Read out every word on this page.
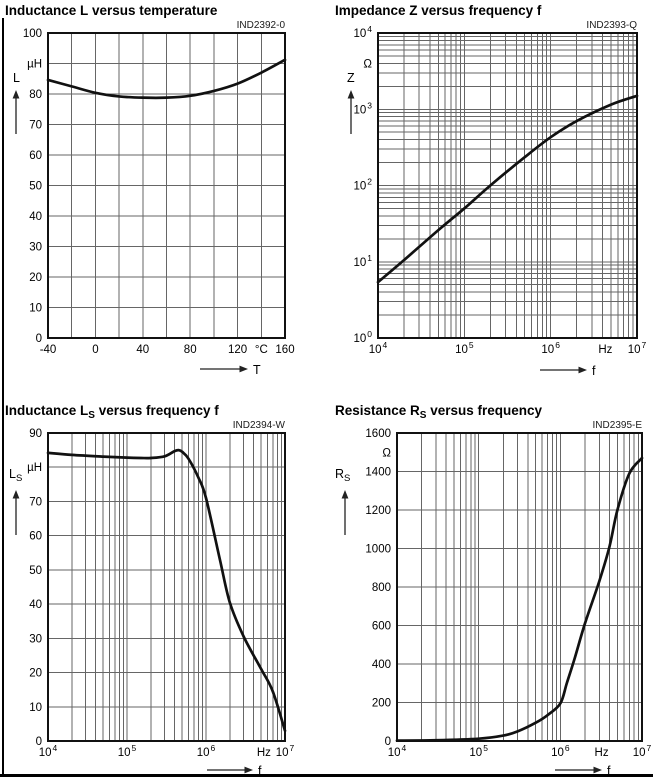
Inductance L versus temperature
IND2392-0
-40	0	40	80	120 °C 160
100
µH
80
70
60
50
40
30
20
10
0
L
T
Impedance Z versus frequency f
IND2393-Q
$10^4$	$10^5$	$10^6$	Hz $10^7$
$10^4$
Ω
$10^3$
$10^2$
$10^1$
$10^0$
Z
f
Inductance $L_S$ versus frequency f
IND2394-W
$10^4$	$10^5$	$10^6$	Hz $10^7$
90
µH
70
60
50
40
30
20
10
0
$L_S$
f
Resistance $R_S$ versus frequency
IND2395-E
$10^4$	$10^5$	$10^6$ Hz $10^7$
1600
Ω
1400
1200
1000
800
600
400
200
0
$R_S$
f
